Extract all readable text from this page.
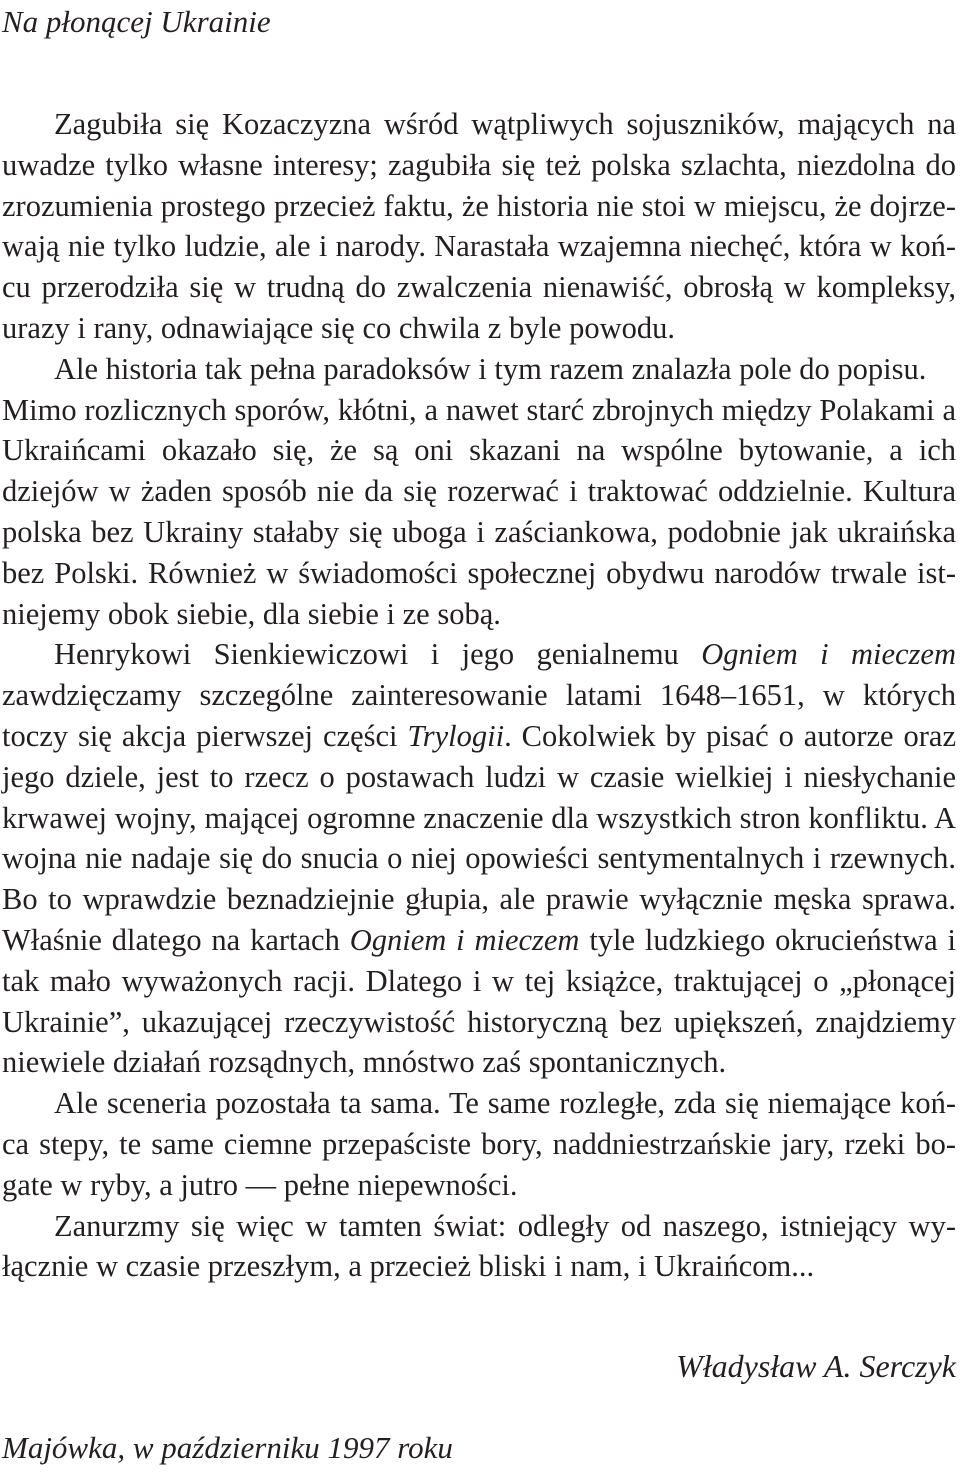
Na płonącej Ukrainie

Zagubiła się Kozaczyzna wśród wątpliwych sojuszników, mających na uwadze tylko własne interesy; zagubiła się też polska szlachta, niezdolna do zrozumienia prostego przecież faktu, że historia nie stoi w miejscu, że dojrzewają nie tylko ludzie, ale i narody. Narastała wzajemna niechęć, która w końcu przerodziła się w trudną do zwalczenia nienawiść, obrosłą w kompleksy, urazy i rany, odnawiające się co chwila z byle powodu.

Ale historia tak pełna paradoksów i tym razem znalazła pole do popisu.

Mimo rozlicznych sporów, kłótni, a nawet starć zbrojnych między Polakami a Ukraińcami okazało się, że są oni skazani na wspólne bytowanie, a ich dziejów w żaden sposób nie da się rozerwać i traktować oddzielnie. Kultura polska bez Ukrainy stałaby się uboga i zaściankowa, podobnie jak ukraińska bez Polski. Również w świadomości społecznej obydwu narodów trwale istniejemy obok siebie, dla siebie i ze sobą.

Henrykowi Sienkiewiczowi i jego genialnemu Ogniem i mieczem zawdzięczamy szczególne zainteresowanie latami 1648–1651, w których toczy się akcja pierwszej części Trylogii. Cokolwiek by pisać o autorze oraz jego dziele, jest to rzecz o postawach ludzi w czasie wielkiej i niesłychanie krwawej wojny, mającej ogromne znaczenie dla wszystkich stron konfliktu. A wojna nie nadaje się do snucia o niej opowieści sentymentalnych i rzewnych. Bo to wprawdzie beznadziejnie głupia, ale prawie wyłącznie męska sprawa. Właśnie dlatego na kartach Ogniem i mieczem tyle ludzkiego okrucieństwa i tak mało wyważonych racji. Dlatego i w tej książce, traktującej o „płonącej Ukrainie”, ukazującej rzeczywistość historyczną bez upiększeń, znajdziemy niewiele działań rozsądnych, mnóstwo zaś spontanicznych.

Ale sceneria pozostała ta sama. Te same rozległe, zda się niemające końca stepy, te same ciemne przepaściste bory, naddniestrzańskie jary, rzeki bogate w ryby, a jutro — pełne niepewności.

Zanurzmy się więc w tamten świat: odległy od naszego, istniejący wyłącznie w czasie przeszłym, a przecież bliski i nam, i Ukraińcom...

Władysław A. Serczyk
Majówka, w październiku 1997 roku
